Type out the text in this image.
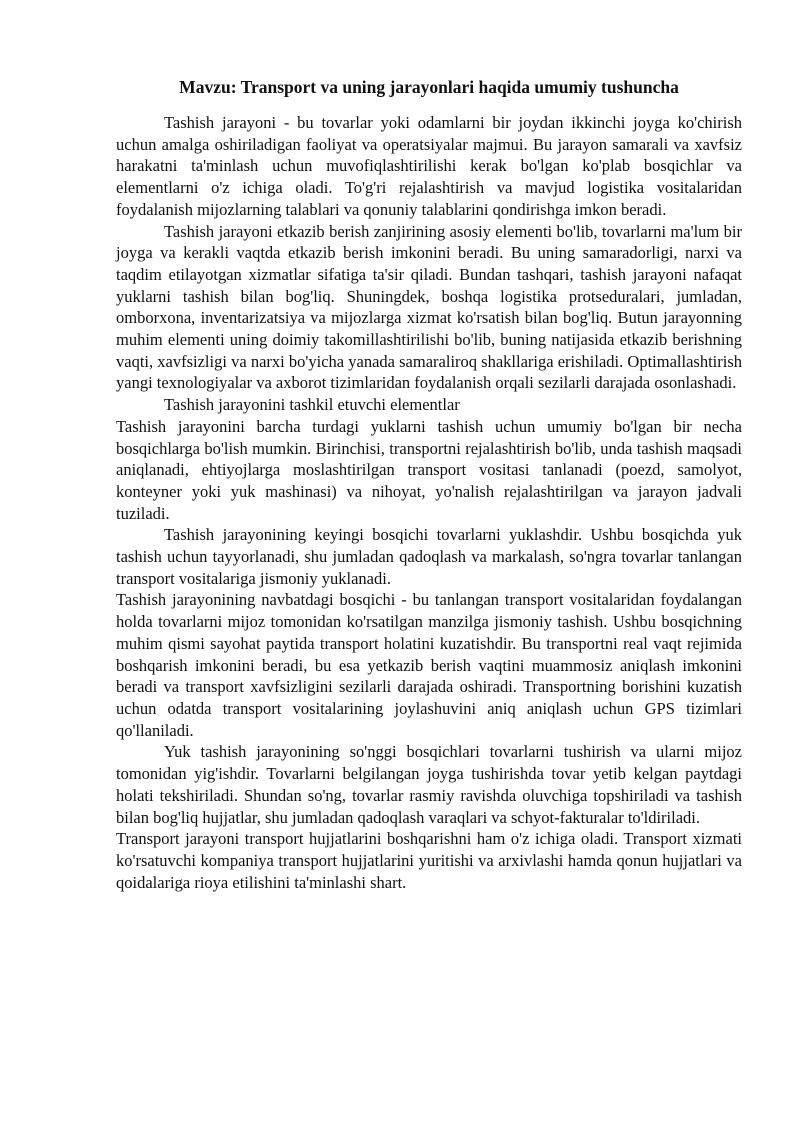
Mavzu: Transport va uning jarayonlari haqida umumiy tushuncha

Tashish jarayoni - bu tovarlar yoki odamlarni bir joydan ikkinchi joyga ko'chirish uchun amalga oshiriladigan faoliyat va operatsiyalar majmui. Bu jarayon samarali va xavfsiz harakatni ta'minlash uchun muvofiqlashtirilishi kerak bo'lgan ko'plab bosqichlar va elementlarni o'z ichiga oladi. To'g'ri rejalashtirish va mavjud logistika vositalaridan foydalanish mijozlarning talablari va qonuniy talablarini qondirishga imkon beradi.

Tashish jarayoni etkazib berish zanjirining asosiy elementi bo'lib, tovarlarni ma'lum bir joyga va kerakli vaqtda etkazib berish imkonini beradi. Bu uning samaradorligi, narxi va taqdim etilayotgan xizmatlar sifatiga ta'sir qiladi. Bundan tashqari, tashish jarayoni nafaqat yuklarni tashish bilan bog'liq. Shuningdek, boshqa logistika protseduralari, jumladan, omborxona, inventarizatsiya va mijozlarga xizmat ko'rsatish bilan bog'liq. Butun jarayonning muhim elementi uning doimiy takomillashtirilishi bo'lib, buning natijasida etkazib berishning vaqti, xavfsizligi va narxi bo'yicha yanada samaraliroq shakllariga erishiladi. Optimallashtirish yangi texnologiyalar va axborot tizimlaridan foydalanish orqali sezilarli darajada osonlashadi.

Tashish jarayonini tashkil etuvchi elementlar

Tashish jarayonini barcha turdagi yuklarni tashish uchun umumiy bo'lgan bir necha bosqichlarga bo'lish mumkin. Birinchisi, transportni rejalashtirish bo'lib, unda tashish maqsadi aniqlanadi, ehtiyojlarga moslashtirilgan transport vositasi tanlanadi (poezd, samolyot, konteyner yoki yuk mashinasi) va nihoyat, yo'nalish rejalashtirilgan va jarayon jadvali tuziladi.

Tashish jarayonining keyingi bosqichi tovarlarni yuklashdir. Ushbu bosqichda yuk tashish uchun tayyorlanadi, shu jumladan qadoqlash va markalash, so'ngra tovarlar tanlangan transport vositalariga jismoniy yuklanadi.

Tashish jarayonining navbatdagi bosqichi - bu tanlangan transport vositalaridan foydalangan holda tovarlarni mijoz tomonidan ko'rsatilgan manzilga jismoniy tashish. Ushbu bosqichning muhim qismi sayohat paytida transport holatini kuzatishdir. Bu transportni real vaqt rejimida boshqarish imkonini beradi, bu esa yetkazib berish vaqtini muammosiz aniqlash imkonini beradi va transport xavfsizligini sezilarli darajada oshiradi. Transportning borishini kuzatish uchun odatda transport vositalarining joylashuvini aniq aniqlash uchun GPS tizimlari qo'llaniladi.

Yuk tashish jarayonining so'nggi bosqichlari tovarlarni tushirish va ularni mijoz tomonidan yig'ishdir. Tovarlarni belgilangan joyga tushirishda tovar yetib kelgan paytdagi holati tekshiriladi. Shundan so'ng, tovarlar rasmiy ravishda oluvchiga topshiriladi va tashish bilan bog'liq hujjatlar, shu jumladan qadoqlash varaqlari va schyot-fakturalar to'ldiriladi.

Transport jarayoni transport hujjatlarini boshqarishni ham o'z ichiga oladi. Transport xizmati ko'rsatuvchi kompaniya transport hujjatlarini yuritishi va arxivlashi hamda qonun hujjatlari va qoidalariga rioya etilishini ta'minlashi shart.
